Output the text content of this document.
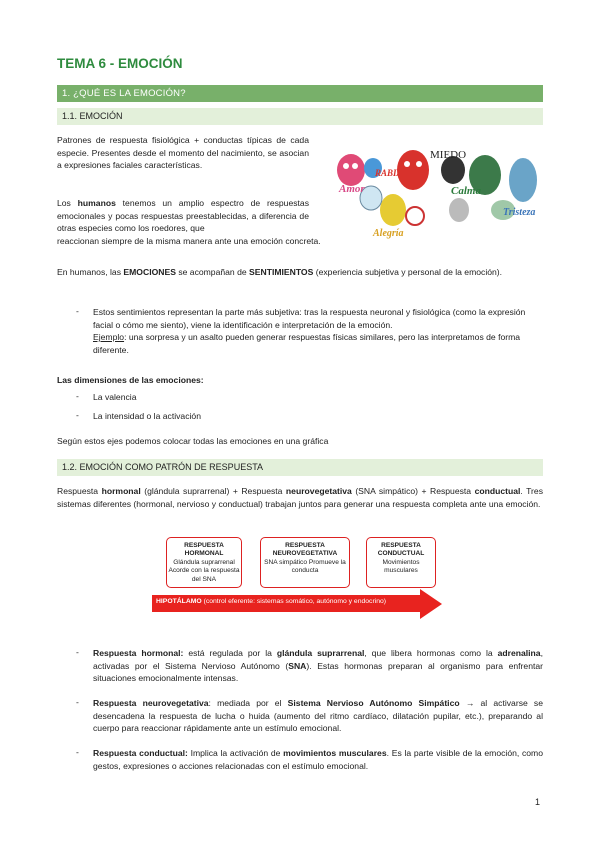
TEMA 6 - EMOCIÓN
1. ¿QUÉ ES LA EMOCIÓN?
1.1. EMOCIÓN
Patrones de respuesta fisiológica + conductas típicas de cada especie. Presentes desde el momento del nacimiento, se asocian a expresiones faciales características.
Los humanos tenemos un amplio espectro de respuestas emocionales y pocas respuestas preestablecidas, a diferencia de otras especies como los roedores, que
reaccionan siempre de la misma manera ante una emoción concreta.
RABIA
MIEDO
Amor	Calma
Tristeza
Alegría
En humanos, las EMOCIONES se acompañan de SENTIMIENTOS (experiencia subjetiva y personal de la emoción).
- Estos sentimientos representan la parte más subjetiva: tras la respuesta neuronal y fisiológica (como la expresión facial o cómo me siento), viene la identificación e interpretación de la emoción.
Ejemplo: una sorpresa y un asalto pueden generar respuestas físicas similares, pero las interpretamos de forma diferente.
Las dimensiones de las emociones:
- La valencia
- La intensidad o la activación
Según estos ejes podemos colocar todas las emociones en una gráfica
1.2. EMOCIÓN COMO PATRÓN DE RESPUESTA
Respuesta hormonal (glándula suprarrenal) + Respuesta neurovegetativa (SNA simpático) + Respuesta conductual. Tres sistemas diferentes (hormonal, nervioso y conductual) trabajan juntos para generar una respuesta completa ante una emoción.
RESPUESTA HORMONAL
Glándula suprarrenal Acorde con la respuesta del SNA
RESPUESTA NEUROVEGETATIVA
SNA simpático Promueve la conducta
RESPUESTA CONDUCTUAL
Movimientos musculares
HIPOTÁLAMO (control eferente: sistemas somático, autónomo y endocrino)
- Respuesta hormonal: está regulada por la glándula suprarrenal, que libera hormonas como la adrenalina, activadas por el Sistema Nervioso Autónomo (SNA). Estas hormonas preparan al organismo para enfrentar situaciones emocionalmente intensas.
- Respuesta neurovegetativa: mediada por el Sistema Nervioso Autónomo Simpático → al activarse se desencadena la respuesta de lucha o huida (aumento del ritmo cardíaco, dilatación pupilar, etc.), preparando al cuerpo para reaccionar rápidamente ante un estímulo emocional.
- Respuesta conductual: Implica la activación de movimientos musculares. Es la parte visible de la emoción, como gestos, expresiones o acciones relacionadas con el estímulo emocional.
1
